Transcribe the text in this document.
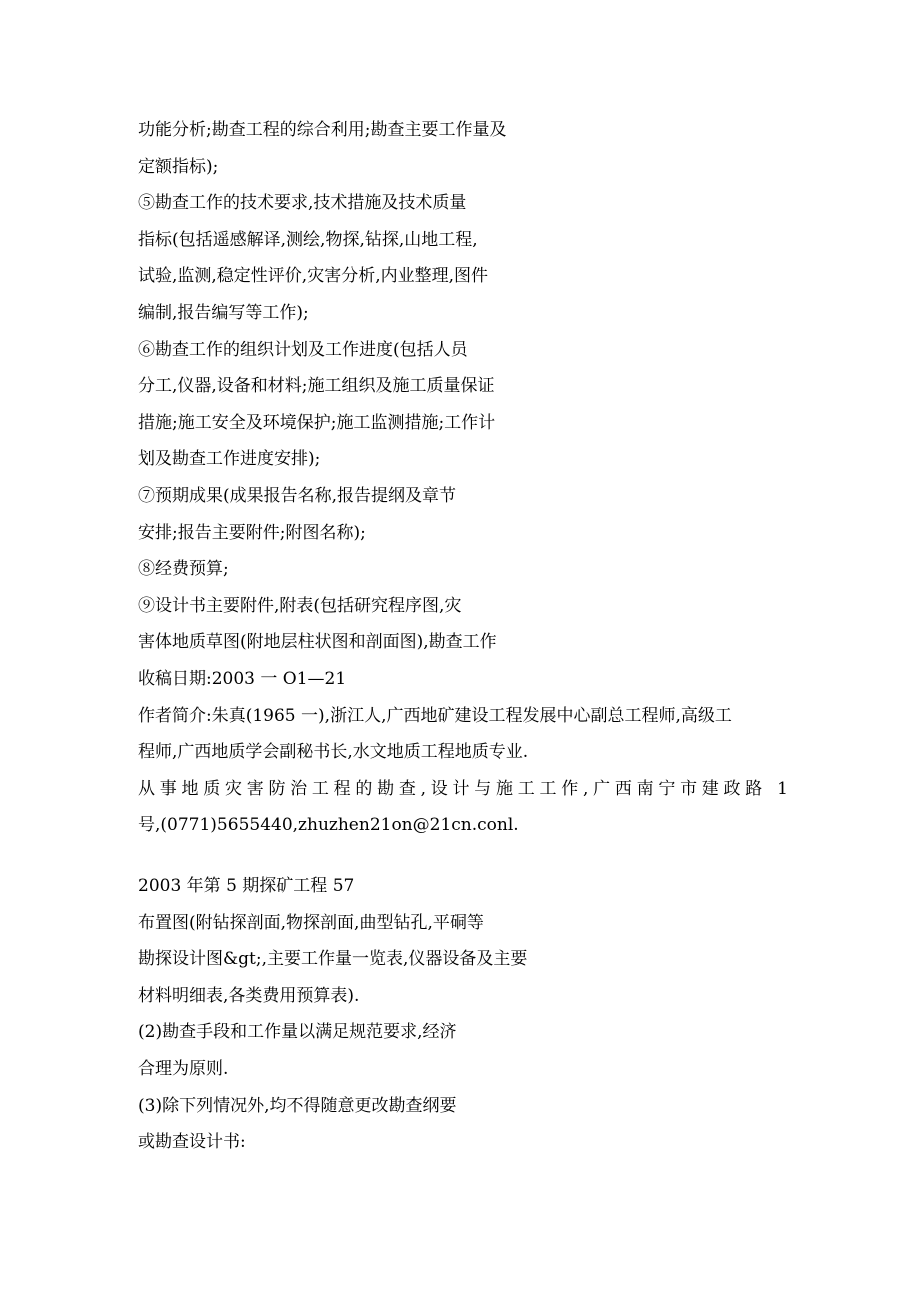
功能分析;勘查工程的综合利用;勘查主要工作量及
定额指标);
⑤勘查工作的技术要求,技术措施及技术质量
指标(包括遥感解译,测绘,物探,钻探,山地工程,
试验,监测,稳定性评价,灾害分析,内业整理,图件
编制,报告编写等工作);
⑥勘查工作的组织计划及工作进度(包括人员
分工,仪器,设备和材料;施工组织及施工质量保证
措施;施工安全及环境保护;施工监测措施;工作计
划及勘查工作进度安排);
⑦预期成果(成果报告名称,报告提纲及章节
安排;报告主要附件;附图名称);
⑧经费预算;
⑨设计书主要附件,附表(包括研究程序图,灾
害体地质草图(附地层柱状图和剖面图),勘查工作
收稿日期:2003 一 O1—21
作者简介:朱真(1965 一),浙江人,广西地矿建设工程发展中心副总工程师,高级工
程师,广西地质学会副秘书长,水文地质工程地质专业.
从事地质灾害防治工程的勘查,设计与施工工作,广西南宁市建政路 1
号,(0771)5655440,zhuzhen21on@21cn.conl.
2003 年第 5 期探矿工程 57
布置图(附钻探剖面,物探剖面,曲型钻孔,平硐等
勘探设计图&gt;,主要工作量一览表,仪器设备及主要
材料明细表,各类费用预算表).
(2)勘查手段和工作量以满足规范要求,经济
合理为原则.
(3)除下列情况外,均不得随意更改勘查纲要
或勘查设计书:
